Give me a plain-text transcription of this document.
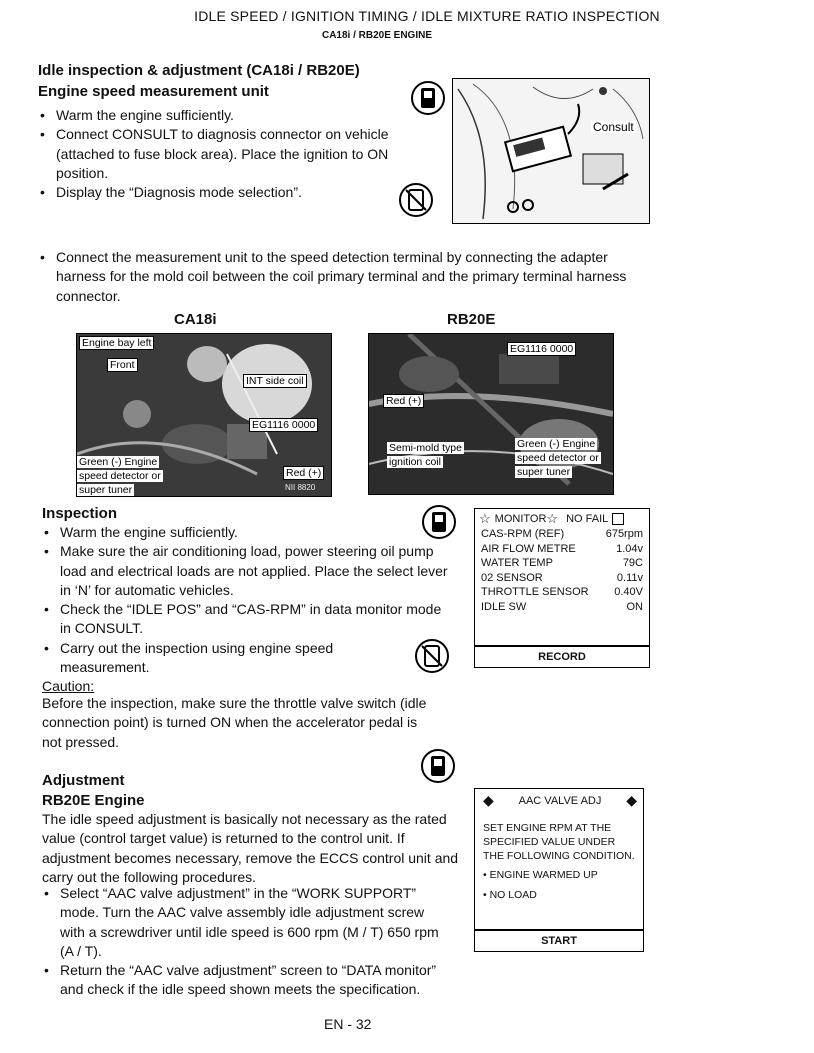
IDLE SPEED / IGNITION TIMING / IDLE MIXTURE RATIO INSPECTION
CA18i / RB20E ENGINE
Idle inspection & adjustment (CA18i / RB20E)
Engine speed measurement unit
• Warm the engine sufficiently.
• Connect CONSULT to diagnosis connector on vehicle (attached to fuse block area). Place the ignition to ON position.
• Display the “Diagnosis mode selection”.
Consult
• Connect the measurement unit to the speed detection terminal by connecting the adapter harness for the mold coil between the coil primary terminal and the primary terminal harness connector.
CA18i	RB20E
Engine bay left
Front
INT side coil
EG1116 0000
Green (-) Engine
speed detector or
super tuner
Red (+)
NII 8820
EG1116 0000
Red (+)
Semi-mold type
ignition coil
Green (-) Engine
speed detector or
super tuner
Inspection
• Warm the engine sufficiently.
• Make sure the air conditioning load, power steering oil pump load and electrical loads are not applied. Place the select lever in ‘N’ for automatic vehicles.
• Check the “IDLE POS” and “CAS-RPM” in data monitor mode in CONSULT.
• Carry out the inspection using engine speed measurement.
Caution:
Before the inspection, make sure the throttle valve switch (idle connection point) is turned ON when the accelerator pedal is not pressed.
☆ MONITOR ☆ NO FAIL
CAS-RPM (REF)	675rpm
AIR FLOW METRE	1.04v
WATER TEMP	79C
02 SENSOR	0.11v
THROTTLE SENSOR 0.40V
IDLE SW	ON
RECORD
Adjustment
RB20E Engine
The idle speed adjustment is basically not necessary as the rated value (control target value) is returned to the control unit. If adjustment becomes necessary, remove the ECCS control unit and carry out the following procedures.
• Select “AAC valve adjustment” in the “WORK SUPPORT” mode. Turn the AAC valve assembly idle adjustment screw with a screwdriver until idle speed is 600 rpm (M / T) 650 rpm (A / T).
• Return the “AAC valve adjustment” screen to “DATA monitor” and check if the idle speed shown meets the specification.
◆ AAC VALVE ADJ ◆
SET ENGINE RPM AT THE SPECIFIED VALUE UNDER THE FOLLOWING CONDITION.
• ENGINE WARMED UP
• NO LOAD
START
EN - 32
